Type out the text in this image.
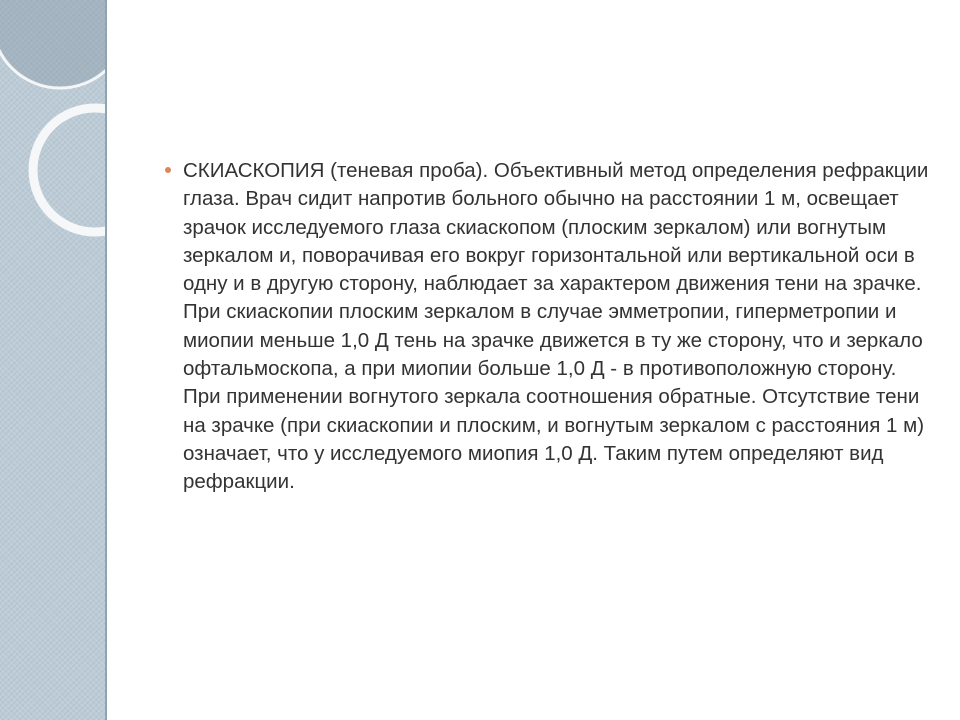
СКИАСКОПИЯ (теневая проба). Объективный метод определения рефракции глаза. Врач сидит напротив больного обычно на расстоянии 1 м, освещает зрачок исследуемого глаза скиаскопом (плоским зеркалом) или вогнутым зеркалом и, поворачивая его вокруг горизонтальной или вертикальной оси в одну и в другую сторону, наблюдает за характером движения тени на зрачке. При скиаскопии плоским зеркалом в случае эмметропии, гиперметропии и миопии меньше 1,0 Д тень на зрачке движется в ту же сторону, что и зеркало офтальмоскопа, а при миопии больше 1,0 Д - в противоположную сторону. При применении вогнутого зеркала соотношения обратные. Отсутствие тени на зрачке (при скиаскопии и плоским, и вогнутым зеркалом с расстояния 1 м) означает, что у исследуемого миопия 1,0 Д. Таким путем определяют вид рефракции.
